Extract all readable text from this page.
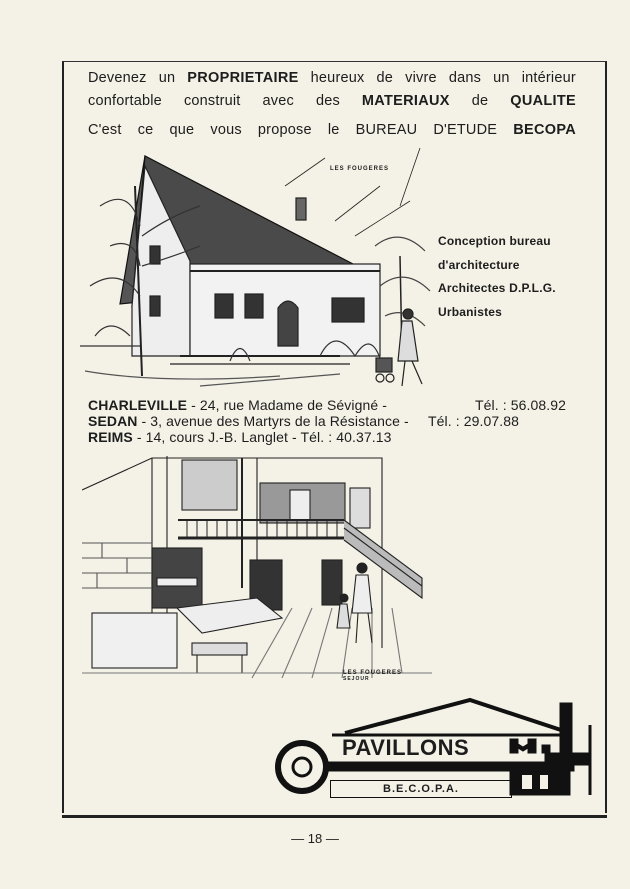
Devenez un PROPRIETAIRE heureux de vivre dans un intérieur
confortable construit avec des MATERIAUX de QUALITE
C'est ce que vous propose le BUREAU D'ETUDE BECOPA
LES FOUGERES
Conception bureau
d'architecture
Architectes D.P.L.G.
Urbanistes
CHARLEVILLE - 24, rue Madame de Sévigné -	Tél. : 56.08.92
SEDAN - 3, avenue des Martyrs de la Résistance - Tél. : 29.07.88
REIMS - 14, cours J.-B. Langlet - Tél. : 40.37.13
LES FOUGERES
SEJOUR
PAVILLONS
B.E.C.O.P.A.
— 18 —
